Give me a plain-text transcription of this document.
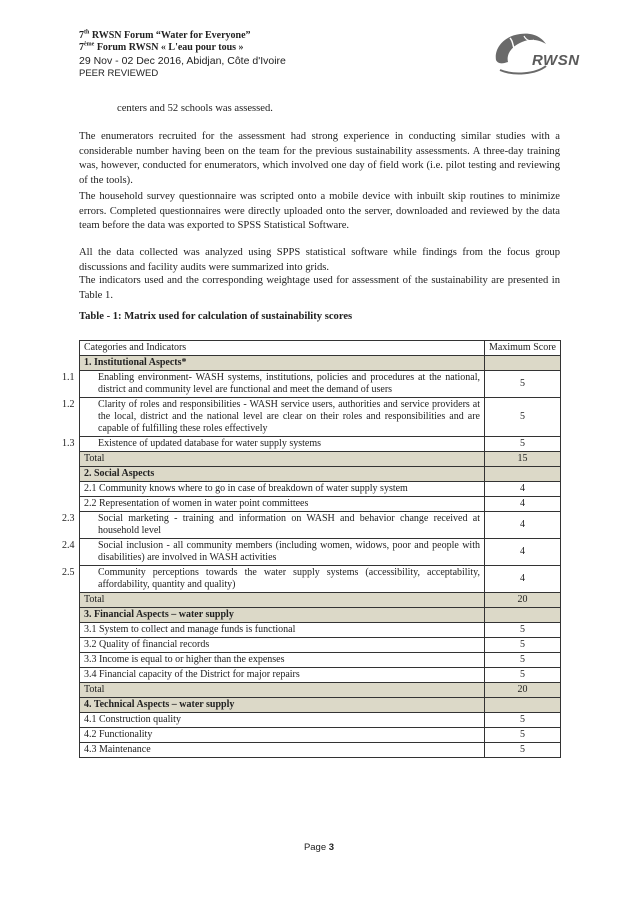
7th RWSN Forum “Water for Everyone”
7ème Forum RWSN « L'eau pour tous »
29 Nov - 02 Dec 2016, Abidjan, Côte d'Ivoire
PEER REVIEWED
RWSN

centers and 52 schools was assessed.

The enumerators recruited for the assessment had strong experience in conducting similar studies with a considerable number having been on the team for the previous sustainability assessments. A three-day training was, however, conducted for enumerators, which involved one day of field work (i.e. pilot testing and reviewing of the tools).

The household survey questionnaire was scripted onto a mobile device with inbuilt skip routines to minimize errors. Completed questionnaires were directly uploaded onto the server, downloaded and reviewed by the data team before the data was exported to SPSS Statistical Software.

All the data collected was analyzed using SPPS statistical software while findings from the focus group discussions and facility audits were summarized into grids.

The indicators used and the corresponding weightage used for assessment of the sustainability are presented in Table 1.

Table - 1: Matrix used for calculation of sustainability scores
Categories and Indicators	Maximum Score
1. Institutional Aspects*	
1.1 Enabling environment- WASH systems, institutions, policies and procedures at the national, district and community level are functional and meet the demand of users	5
1.2 Clarity of roles and responsibilities - WASH service users, authorities and service providers at the local, district and the national level are clear on their roles and responsibilities and are capable of fulfilling these roles effectively	5
1.3 Existence of updated database for water supply systems	5
Total	15
2. Social Aspects	
2.1 Community knows where to go in case of breakdown of water supply system	4
2.2 Representation of women in water point committees	4
2.3 Social marketing - training and information on WASH and behavior change received at household level	4
2.4 Social inclusion - all community members (including women, widows, poor and people with disabilities) are involved in WASH activities	4
2.5 Community perceptions towards the water supply systems (accessibility, acceptability, affordability, quantity and quality)	4
Total	20
3. Financial Aspects – water supply	
3.1 System to collect and manage funds is functional	5
3.2 Quality of financial records	5
3.3 Income is equal to or higher than the expenses	5
3.4 Financial capacity of the District for major repairs	5
Total	20
4. Technical Aspects – water supply	
4.1 Construction quality	5
4.2 Functionality	5
4.3 Maintenance	5
Page 3
